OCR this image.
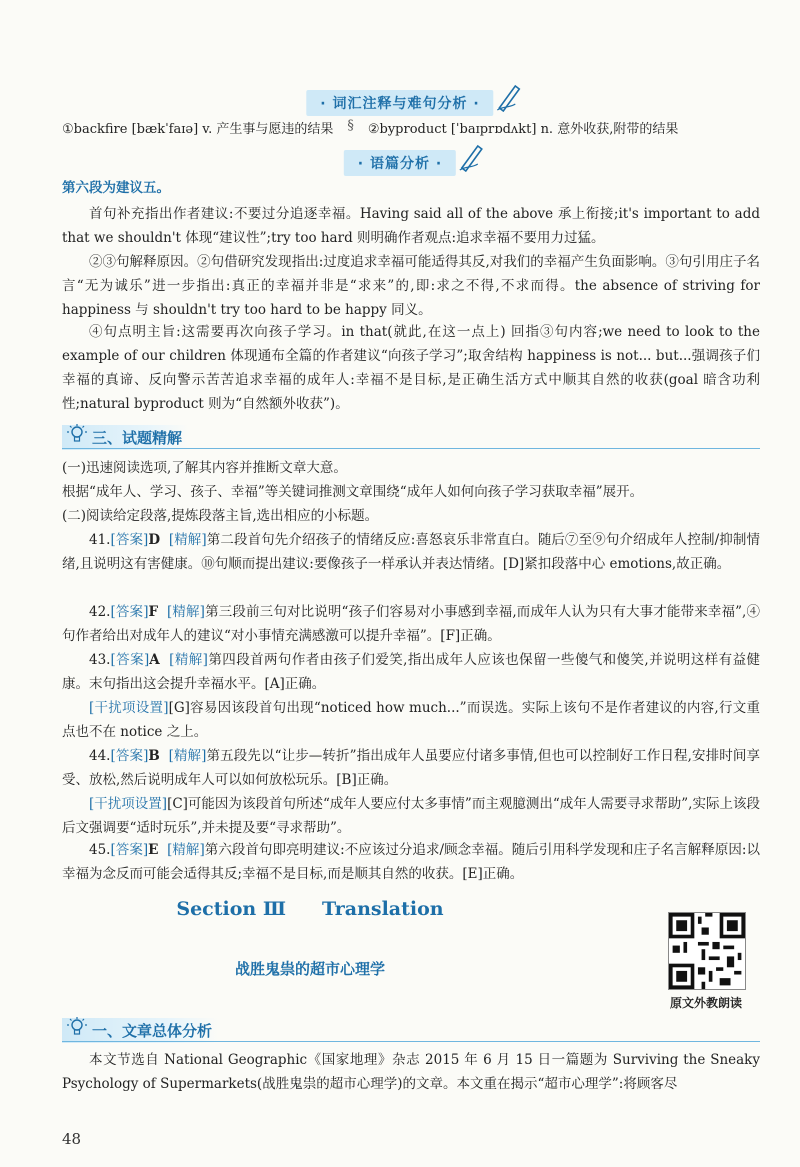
· 词汇注释与难句分析 ·
①backfire [bækˈfaɪə] v. 产生事与愿违的结果 § ②byproduct [ˈbaɪprɒdʌkt] n. 意外收获,附带的结果
· 语篇分析 ·
第六段为建议五。
首句补充指出作者建议:不要过分追逐幸福。Having said all of the above 承上衔接;it's important to add that we shouldn't 体现“建议性”;try too hard 则明确作者观点:追求幸福不要用力过猛。
②③句解释原因。②句借研究发现指出:过度追求幸福可能适得其反,对我们的幸福产生负面影响。③句引用庄子名言“无为诚乐”进一步指出:真正的幸福并非是“求来”的,即:求之不得,不求而得。the absence of striving for happiness 与 shouldn't try too hard to be happy 同义。
④句点明主旨:这需要再次向孩子学习。in that(就此,在这一点上) 回指③句内容;we need to look to the example of our children 体现通布全篇的作者建议“向孩子学习”;取舍结构 happiness is not... but...强调孩子们幸福的真谛、反向警示苦苦追求幸福的成年人:幸福不是目标,是正确生活方式中顺其自然的收获(goal 暗含功利性;natural byproduct 则为“自然额外收获”)。
三、试题精解
(一)迅速阅读选项,了解其内容并推断文章大意。
根据“成年人、学习、孩子、幸福”等关键词推测文章围绕“成年人如何向孩子学习获取幸福”展开。
(二)阅读给定段落,提炼段落主旨,选出相应的小标题。
41.[答案]D [精解]第二段首句先介绍孩子的情绪反应:喜怒哀乐非常直白。随后⑦至⑨句介绍成年人控制/抑制情绪,且说明这有害健康。⑩句顺而提出建议:要像孩子一样承认并表达情绪。[D]紧扣段落中心 emotions,故正确。
42.[答案]F [精解]第三段前三句对比说明“孩子们容易对小事感到幸福,而成年人认为只有大事才能带来幸福”,④句作者给出对成年人的建议“对小事情充满感激可以提升幸福”。[F]正确。
43.[答案]A [精解]第四段首两句作者由孩子们爱笑,指出成年人应该也保留一些傻气和傻笑,并说明这样有益健康。末句指出这会提升幸福水平。[A]正确。
[干扰项设置][G]容易因该段首句出现“noticed how much...”而误选。实际上该句不是作者建议的内容,行文重点也不在 notice 之上。
44.[答案]B [精解]第五段先以“让步—转折”指出成年人虽要应付诸多事情,但也可以控制好工作日程,安排时间享受、放松,然后说明成年人可以如何放松玩乐。[B]正确。
[干扰项设置][C]可能因为该段首句所述“成年人要应付太多事情”而主观臆测出“成年人需要寻求帮助”,实际上该段后文强调要“适时玩乐”,并未提及要“寻求帮助”。
45.[答案]E [精解]第六段首句即亮明建议:不应该过分追求/顾念幸福。随后引用科学发现和庄子名言解释原因:以幸福为念反而可能会适得其反;幸福不是目标,而是顺其自然的收获。[E]正确。
Section Ⅲ Translation
战胜鬼祟的超市心理学
原文外教朗读
一、文章总体分析
本文节选自 National Geographic《国家地理》杂志 2015 年 6 月 15 日一篇题为 Surviving the Sneaky Psychology of Supermarkets(战胜鬼祟的超市心理学)的文章。本文重在揭示“超市心理学”:将顾客尽
48
